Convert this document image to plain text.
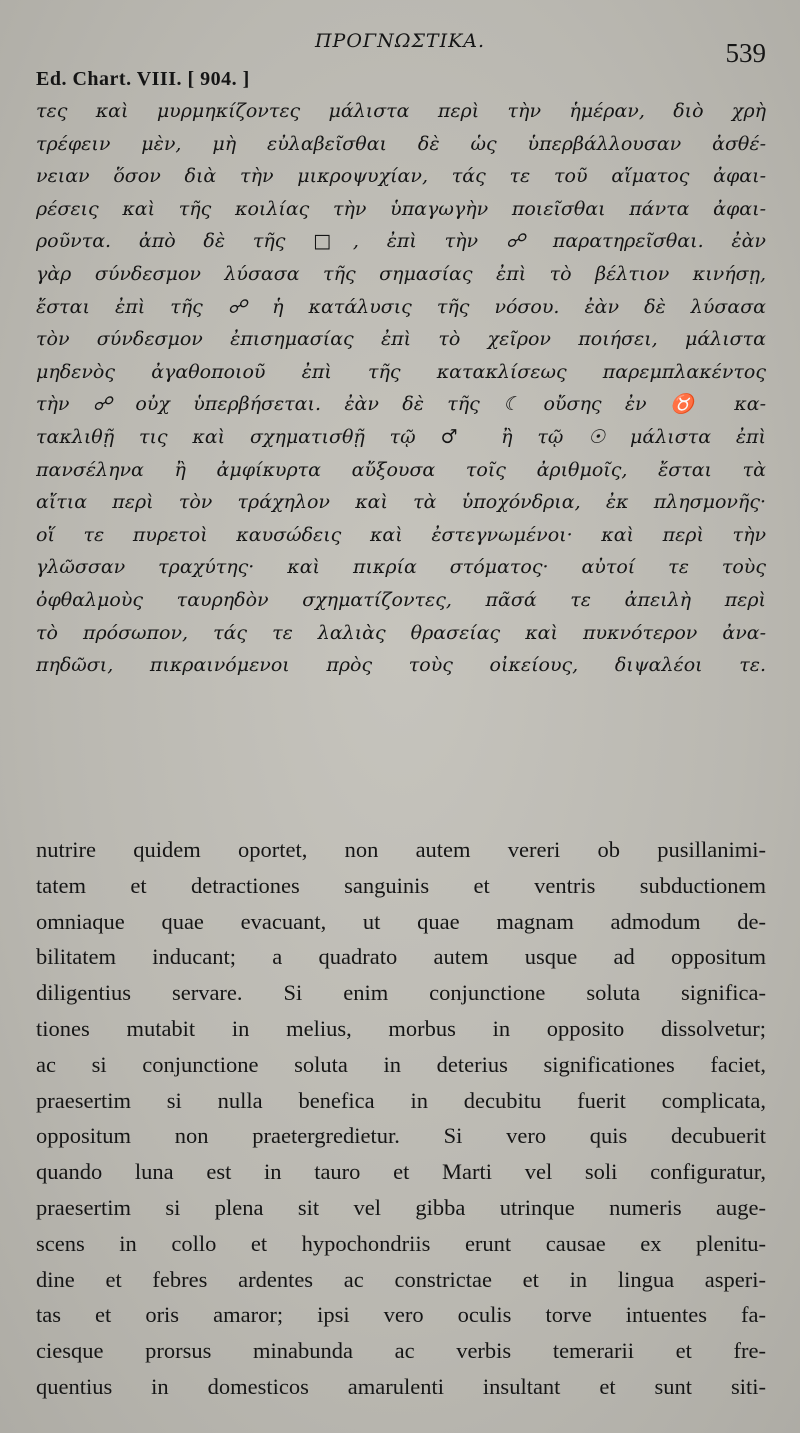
ΠΡΟΓΝΩΣΤΙΚΑ.	539
Ed. Chart. VIII. [ 904. ]
τες καὶ μυρμηκίζοντες μάλιστα περὶ τὴν ἡμέραν, διὸ χρὴ
τρέφειν μὲν, μὴ εὐλαβεῖσθαι δὲ ὡς ὑπερβάλλουσαν ἀσθέ-
νειαν ὅσον διὰ τὴν μικροψυχίαν, τάς τε τοῦ αἵματος ἀφαι-
ρέσεις καὶ τῆς κοιλίας τὴν ὑπαγωγὴν ποιεῖσθαι πάντα ἀφαι-
ροῦντα. ἀπὸ δὲ τῆς □, ἐπὶ τὴν ☍ παρατηρεῖσθαι. ἐὰν
γὰρ σύνδεσμον λύσασα τῆς σημασίας ἐπὶ τὸ βέλτιον κινήσῃ,
ἔσται ἐπὶ τῆς ☍ ἡ κατάλυσις τῆς νόσου. ἐὰν δὲ λύσασα
τὸν σύνδεσμον ἐπισημασίας ἐπὶ τὸ χεῖρον ποιήσει, μάλιστα
μηδενὸς ἀγαθοποιοῦ ἐπὶ τῆς κατακλίσεως παρεμπλακέντος
τὴν ☍ οὐχ ὑπερβήσεται. ἐὰν δὲ τῆς ☾ οὔσης ἐν ♉ κα-
τακλιθῇ τις καὶ σχηματισθῇ τῷ ♂ ἢ τῷ ☉ μάλιστα ἐπὶ
πανσέληνα ἢ ἀμφίκυρτα αὔξουσα τοῖς ἀριθμοῖς, ἔσται τὰ
αἴτια περὶ τὸν τράχηλον καὶ τὰ ὑποχόνδρια, ἐκ πλησμονῆς·
οἵ τε πυρετοὶ καυσώδεις καὶ ἐστεγνωμένοι· καὶ περὶ τὴν
γλῶσσαν τραχύτης· καὶ πικρία στόματος· αὐτοί τε τοὺς
ὀφθαλμοὺς ταυρηδὸν σχηματίζοντες, πᾶσά τε ἀπειλὴ περὶ
τὸ πρόσωπον, τάς τε λαλιὰς θρασείας καὶ πυκνότερον ἀνα-
πηδῶσι, πικραινόμενοι πρὸς τοὺς οἰκείους, διψαλέοι τε.
nutrire quidem oportet, non autem vereri ob pusillanimi-
tatem et detractiones sanguinis et ventris subductionem
omniaque quae evacuant, ut quae magnam admodum de-
bilitatem inducant; a quadrato autem usque ad oppositum
diligentius servare. Si enim conjunctione soluta significa-
tiones mutabit in melius, morbus in opposito dissolvetur;
ac si conjunctione soluta in deterius significationes faciet,
praesertim si nulla benefica in decubitu fuerit complicata,
oppositum non praetergredietur. Si vero quis decubuerit
quando luna est in tauro et Marti vel soli configuratur,
praesertim si plena sit vel gibba utrinque numeris auge-
scens in collo et hypochondriis erunt causae ex plenitu-
dine et febres ardentes ac constrictae et in lingua asperi-
tas et oris amaror; ipsi vero oculis torve intuentes fa-
ciesque prorsus minabunda ac verbis temerarii et fre-
quentius in domesticos amarulenti insultant et sunt siti-
